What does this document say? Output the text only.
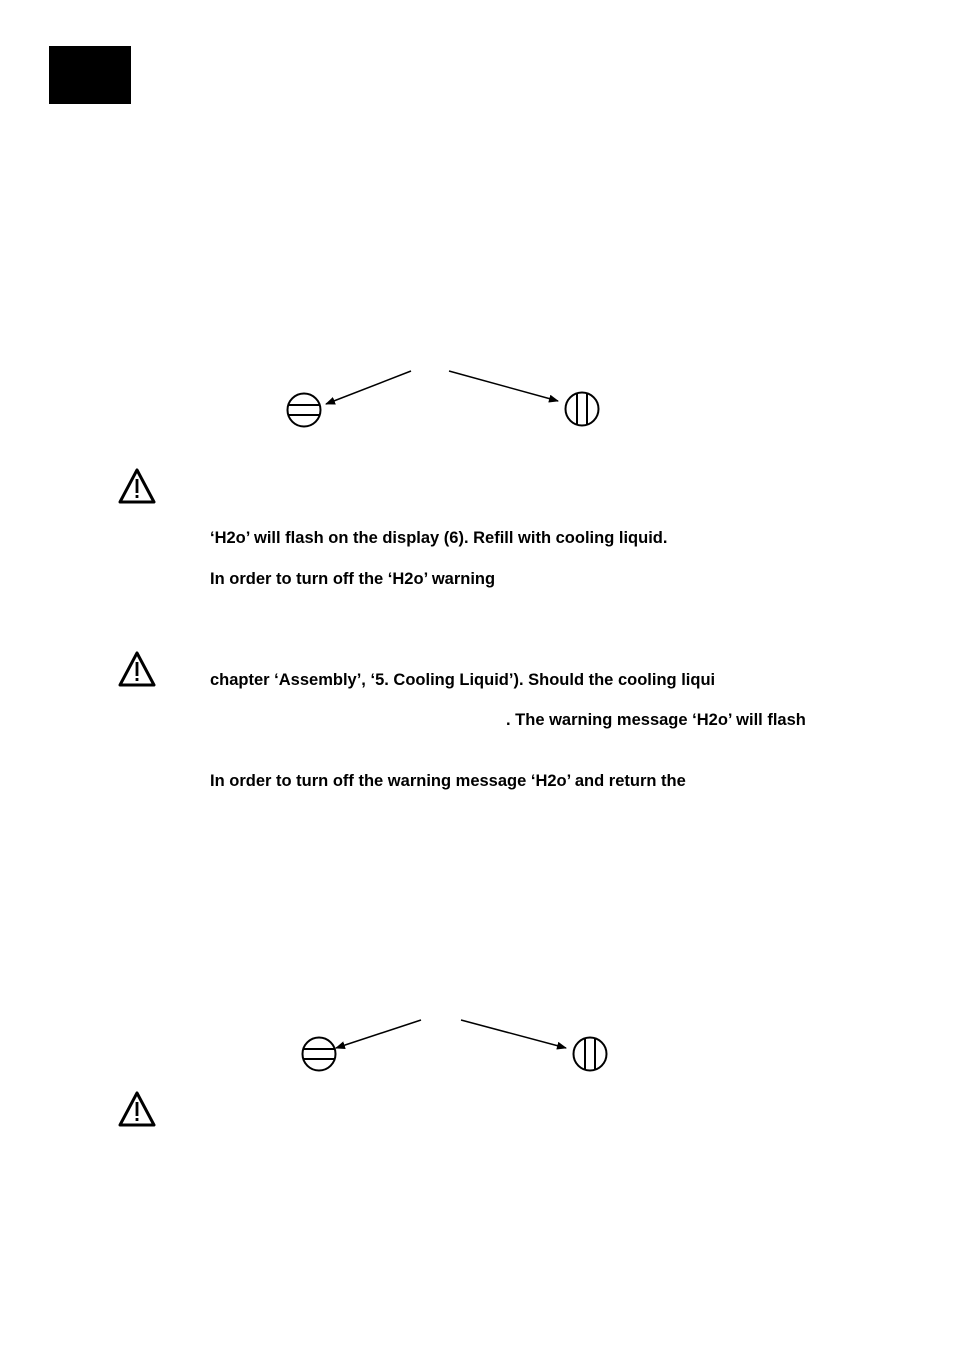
‘H2o’ will flash on the display (6). Refill with cooling liquid.
In order to turn off the ‘H2o’ warning
chapter ‘Assembly’, ‘5. Cooling Liquid’). Should the cooling liqui
. The warning message ‘H2o’ will flash
In order to turn off the warning message ‘H2o’ and return the
